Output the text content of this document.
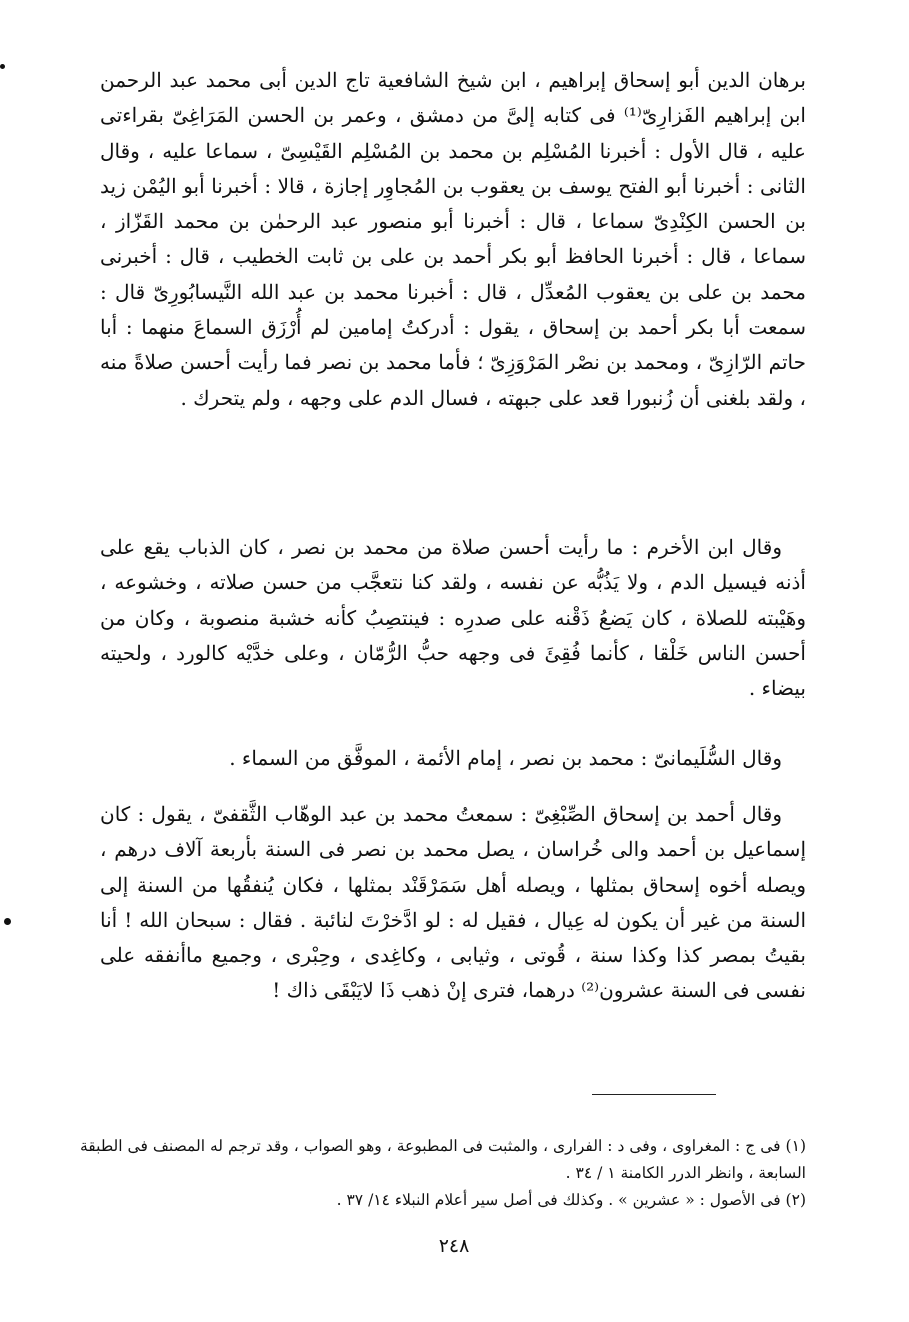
برهان الدين أبو إسحاق إبراهيم ، ابن شيخ الشافعية تاج الدين أبى محمد عبد الرحمن ابن إبراهيم الفَزارِىّ⁽¹⁾ فى كتابه إلىَّ من دمشق ، وعمر بن الحسن المَرَاغِىّ بقراءتى عليه ، قال الأول : أخبرنا المُسْلِم بن محمد بن المُسْلِم القَيْسِىّ ، سماعا عليه ، وقال الثانى : أخبرنا أبو الفتح يوسف بن يعقوب بن المُجاوِر إجازة ، قالا : أخبرنا أبو اليُمْن زيد بن الحسن الكِنْدِىّ سماعا ، قال : أخبرنا أبو منصور عبد الرحمٰن بن محمد القَزّاز ، سماعا ، قال : أخبرنا الحافظ أبو بكر أحمد بن على بن ثابت الخطيب ، قال : أخبرنى محمد بن على بن يعقوب المُعدِّل ، قال : أخبرنا محمد بن عبد الله النَّيسابُورِىّ قال : سمعت أبا بكر أحمد بن إسحاق ، يقول : أدركتُ إمامين لم أُرْزَق السماعَ منهما : أبا حاتم الرّازِىّ ، ومحمد بن نصْر المَرْوَزِىّ ؛ فأما محمد بن نصر فما رأيت أحسن صلاةً منه ، ولقد بلغنى أن زُنبورا قعد على جبهته ، فسال الدم على وجهه ، ولم يتحرك .

وقال ابن الأخرم : ما رأيت أحسن صلاة من محمد بن نصر ، كان الذباب يقع على أذنه فيسيل الدم ، ولا يَذُبُّه عن نفسه ، ولقد كنا نتعجَّب من حسن صلاته ، وخشوعه ، وهَيْبته للصلاة ، كان يَضعُ ذَقْنه على صدرِه : فينتصِبُ كأنه خشبة منصوبة ، وكان من أحسن الناس خَلْقا ، كأنما فُقِئَ فى وجهه حبُّ الرُّمّان ، وعلى خدَّيْه كالورد ، ولحيته بيضاء .

وقال السُّلَيمانىّ : محمد بن نصر ، إمام الأئمة ، الموفَّق من السماء .

وقال أحمد بن إسحاق الصِّبْغِىّ : سمعتُ محمد بن عبد الوهّاب الثَّقفىّ ، يقول : كان إسماعيل بن أحمد والى خُراسان ، يصل محمد بن نصر فى السنة بأربعة آلاف درهم ، ويصله أخوه إسحاق بمثلها ، ويصله أهل سَمَرْقَنْد بمثلها ، فكان يُنفقُها من السنة إلى السنة من غير أن يكون له عِيال ، فقيل له : لو ادَّخرْتَ لنائبة . فقال : سبحان الله ! أنا بقيتُ بمصر كذا وكذا سنة ، قُوتى ، وثيابى ، وكاغِدى ، وحِبْرى ، وجميع ماأنفقه على نفسى فى السنة عشرون⁽²⁾ درهما، فترى إنْ ذهب ذَا لايَبْقَى ذاك !

(١) فى ج : المغراوى ، وفى د : الفرارى ، والمثبت فى المطبوعة ، وهو الصواب ، وقد ترجم له المصنف فى الطبقة السابعة ، وانظر الدرر الكامنة ١ / ٣٤ .

(٢) فى الأصول : « عشرين » . وكذلك فى أصل سير أعلام النبلاء ١٤/ ٣٧ .

٢٤٨
